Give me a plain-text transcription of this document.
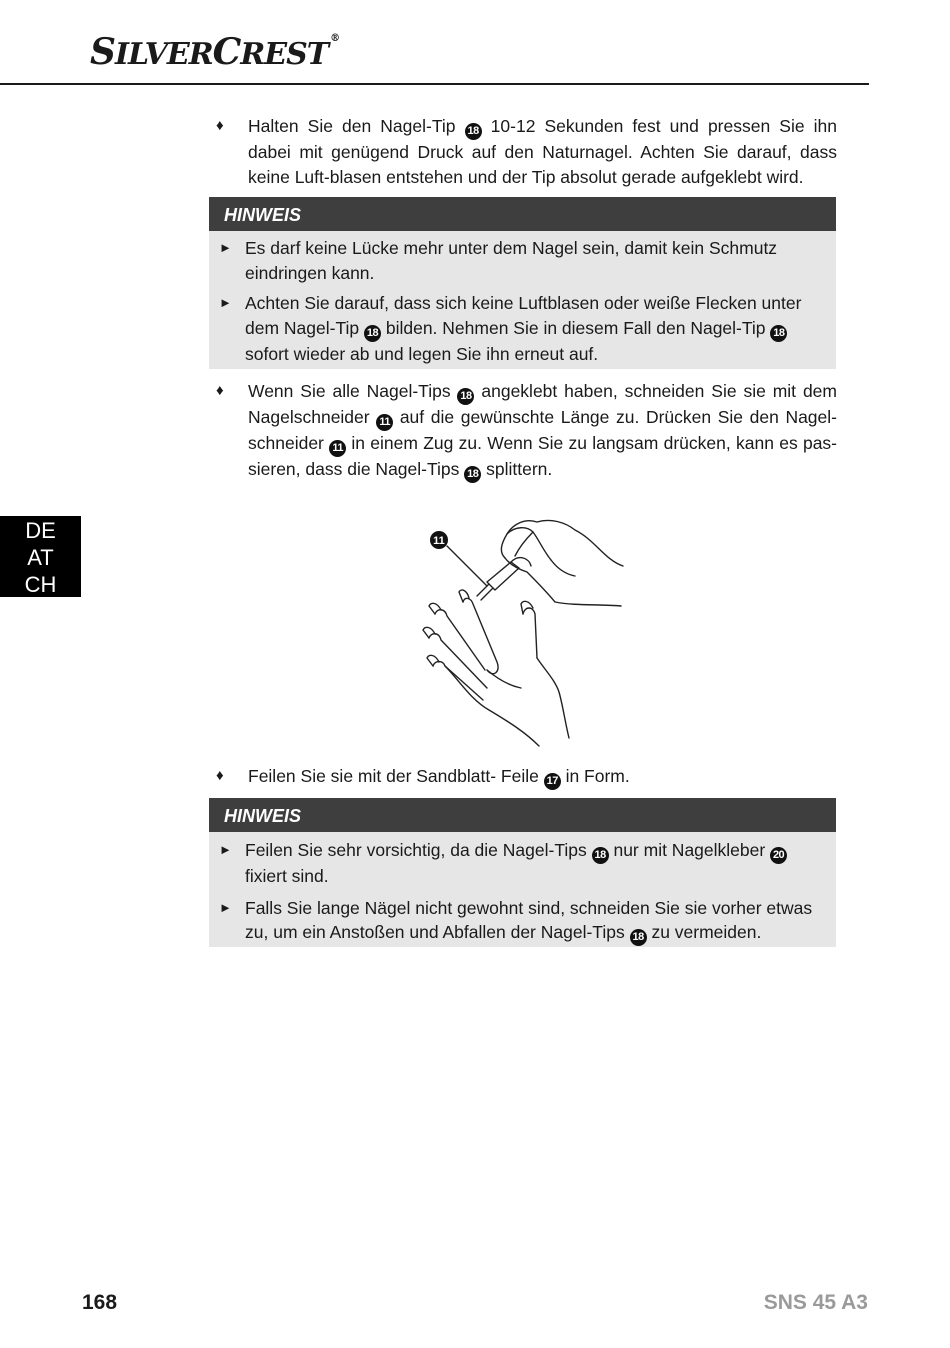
SILVERCREST ®
DE
AT
CH
♦ Halten Sie den Nagel-Tip 18 10-12 Sekunden fest und pressen Sie ihn dabei mit genügend Druck auf den Naturnagel. Achten Sie darauf, dass keine Luft-blasen entstehen und der Tip absolut gerade aufgeklebt wird.
HINWEIS
► Es darf keine Lücke mehr unter dem Nagel sein, damit kein Schmutz eindringen kann.
► Achten Sie darauf, dass sich keine Luftblasen oder weiße Flecken unter dem Nagel-Tip 18 bilden. Nehmen Sie in diesem Fall den Nagel-Tip 18 sofort wieder ab und legen Sie ihn erneut auf.
♦ Wenn Sie alle Nagel-Tips 18 angeklebt haben, schneiden Sie sie mit dem Nagelschneider 11 auf die gewünschte Länge zu. Drücken Sie den Nagel-schneider 11 in einem Zug zu. Wenn Sie zu langsam drücken, kann es pas-sieren, dass die Nagel-Tips 18 splittern.
11
♦ Feilen Sie sie mit der Sandblatt- Feile 17 in Form.
HINWEIS
► Feilen Sie sehr vorsichtig, da die Nagel-Tips 18 nur mit Nagelkleber 20 fixiert sind.
► Falls Sie lange Nägel nicht gewohnt sind, schneiden Sie sie vorher etwas zu, um ein Anstoßen und Abfallen der Nagel-Tips 18 zu vermeiden.
168	SNS 45 A3
